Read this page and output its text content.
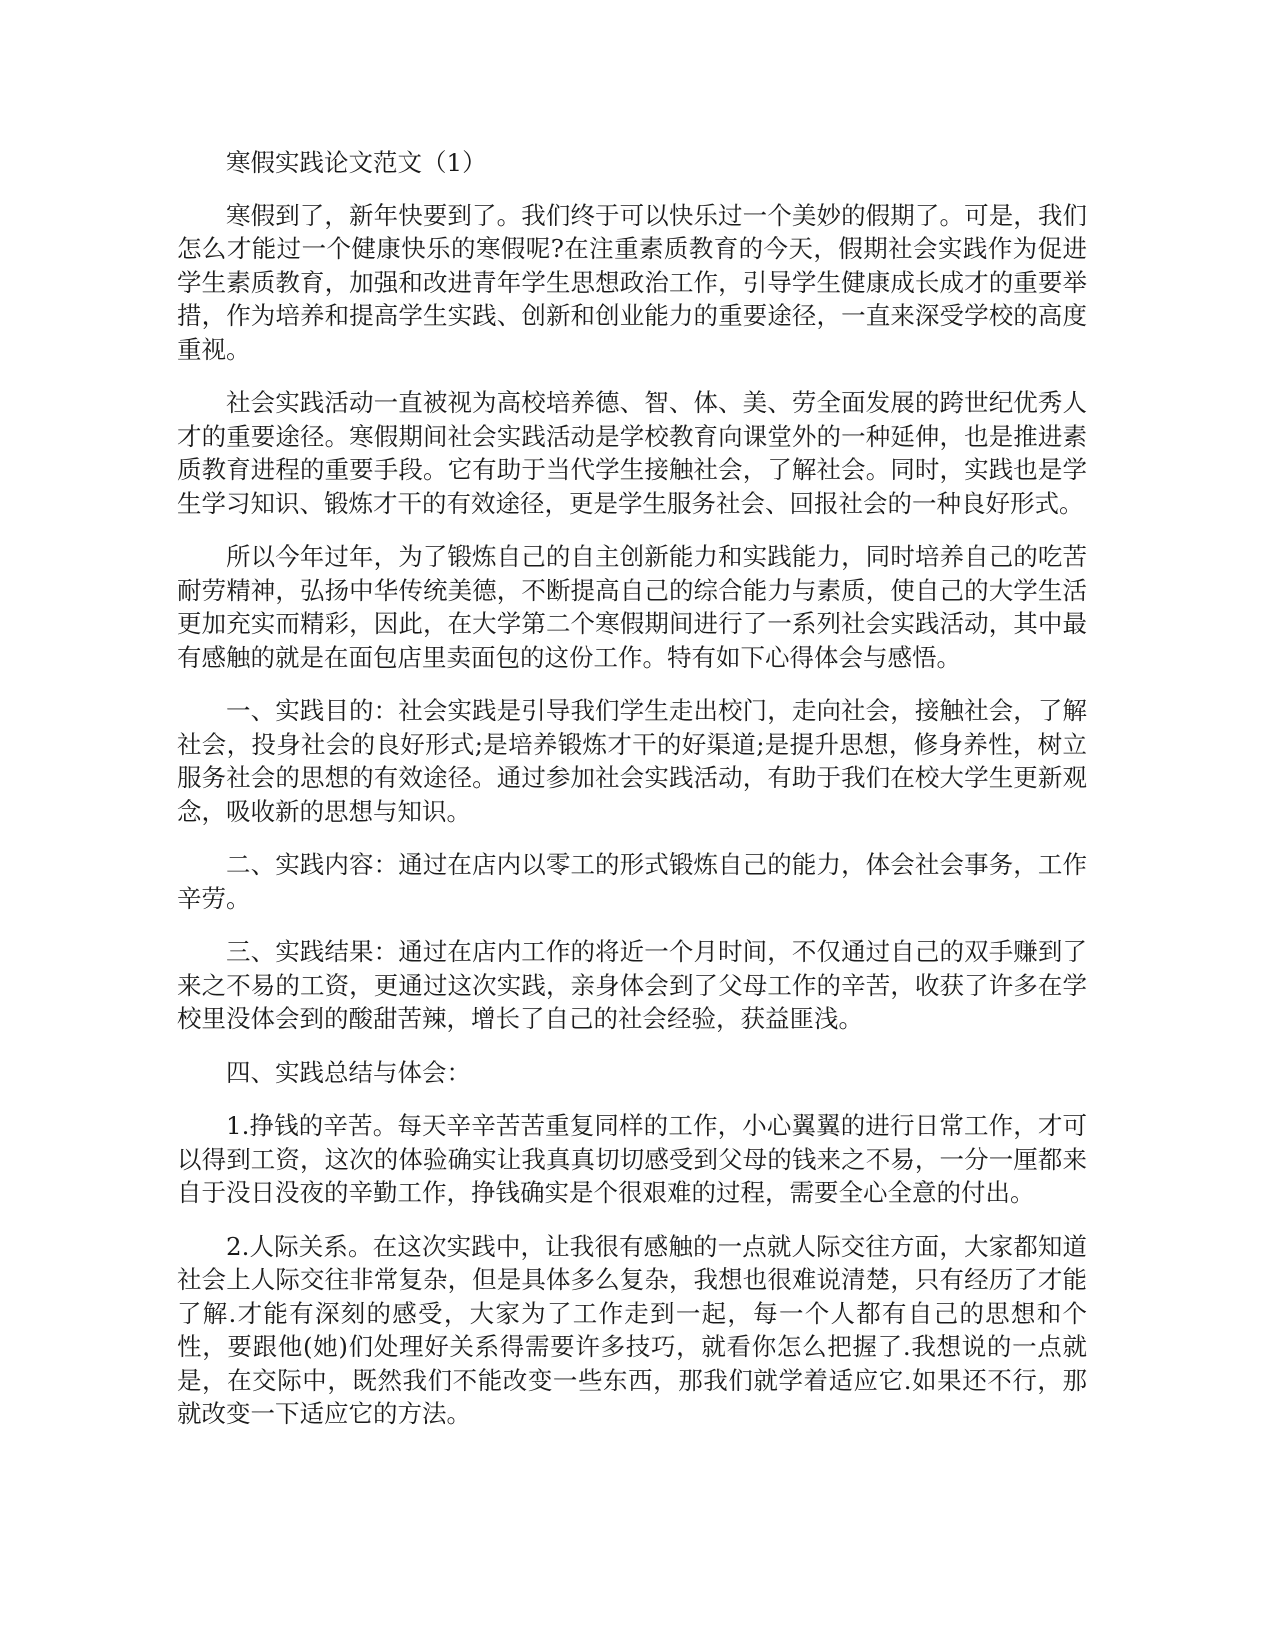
寒假实践论文范文（1）

寒假到了，新年快要到了。我们终于可以快乐过一个美妙的假期了。可是，我们怎么才能过一个健康快乐的寒假呢?在注重素质教育的今天，假期社会实践作为促进学生素质教育，加强和改进青年学生思想政治工作，引导学生健康成长成才的重要举措，作为培养和提高学生实践、创新和创业能力的重要途径，一直来深受学校的高度重视。

社会实践活动一直被视为高校培养德、智、体、美、劳全面发展的跨世纪优秀人才的重要途径。寒假期间社会实践活动是学校教育向课堂外的一种延伸，也是推进素质教育进程的重要手段。它有助于当代学生接触社会，了解社会。同时，实践也是学生学习知识、锻炼才干的有效途径，更是学生服务社会、回报社会的一种良好形式。

所以今年过年，为了锻炼自己的自主创新能力和实践能力，同时培养自己的吃苦耐劳精神，弘扬中华传统美德，不断提高自己的综合能力与素质，使自己的大学生活更加充实而精彩，因此，在大学第二个寒假期间进行了一系列社会实践活动，其中最有感触的就是在面包店里卖面包的这份工作。特有如下心得体会与感悟。

一、实践目的：社会实践是引导我们学生走出校门，走向社会，接触社会，了解社会，投身社会的良好形式;是培养锻炼才干的好渠道;是提升思想，修身养性，树立服务社会的思想的有效途径。通过参加社会实践活动，有助于我们在校大学生更新观念，吸收新的思想与知识。

二、实践内容：通过在店内以零工的形式锻炼自己的能力，体会社会事务，工作辛劳。

三、实践结果：通过在店内工作的将近一个月时间，不仅通过自己的双手赚到了来之不易的工资，更通过这次实践，亲身体会到了父母工作的辛苦，收获了许多在学校里没体会到的酸甜苦辣，增长了自己的社会经验，获益匪浅。

四、实践总结与体会：

1.挣钱的辛苦。每天辛辛苦苦重复同样的工作，小心翼翼的进行日常工作，才可以得到工资，这次的体验确实让我真真切切感受到父母的钱来之不易，一分一厘都来自于没日没夜的辛勤工作，挣钱确实是个很艰难的过程，需要全心全意的付出。

2.人际关系。在这次实践中，让我很有感触的一点就人际交往方面，大家都知道社会上人际交往非常复杂，但是具体多么复杂，我想也很难说清楚，只有经历了才能了解.才能有深刻的感受，大家为了工作走到一起，每一个人都有自己的思想和个性，要跟他(她)们处理好关系得需要许多技巧，就看你怎么把握了.我想说的一点就是，在交际中，既然我们不能改变一些东西，那我们就学着适应它.如果还不行，那就改变一下适应它的方法。
